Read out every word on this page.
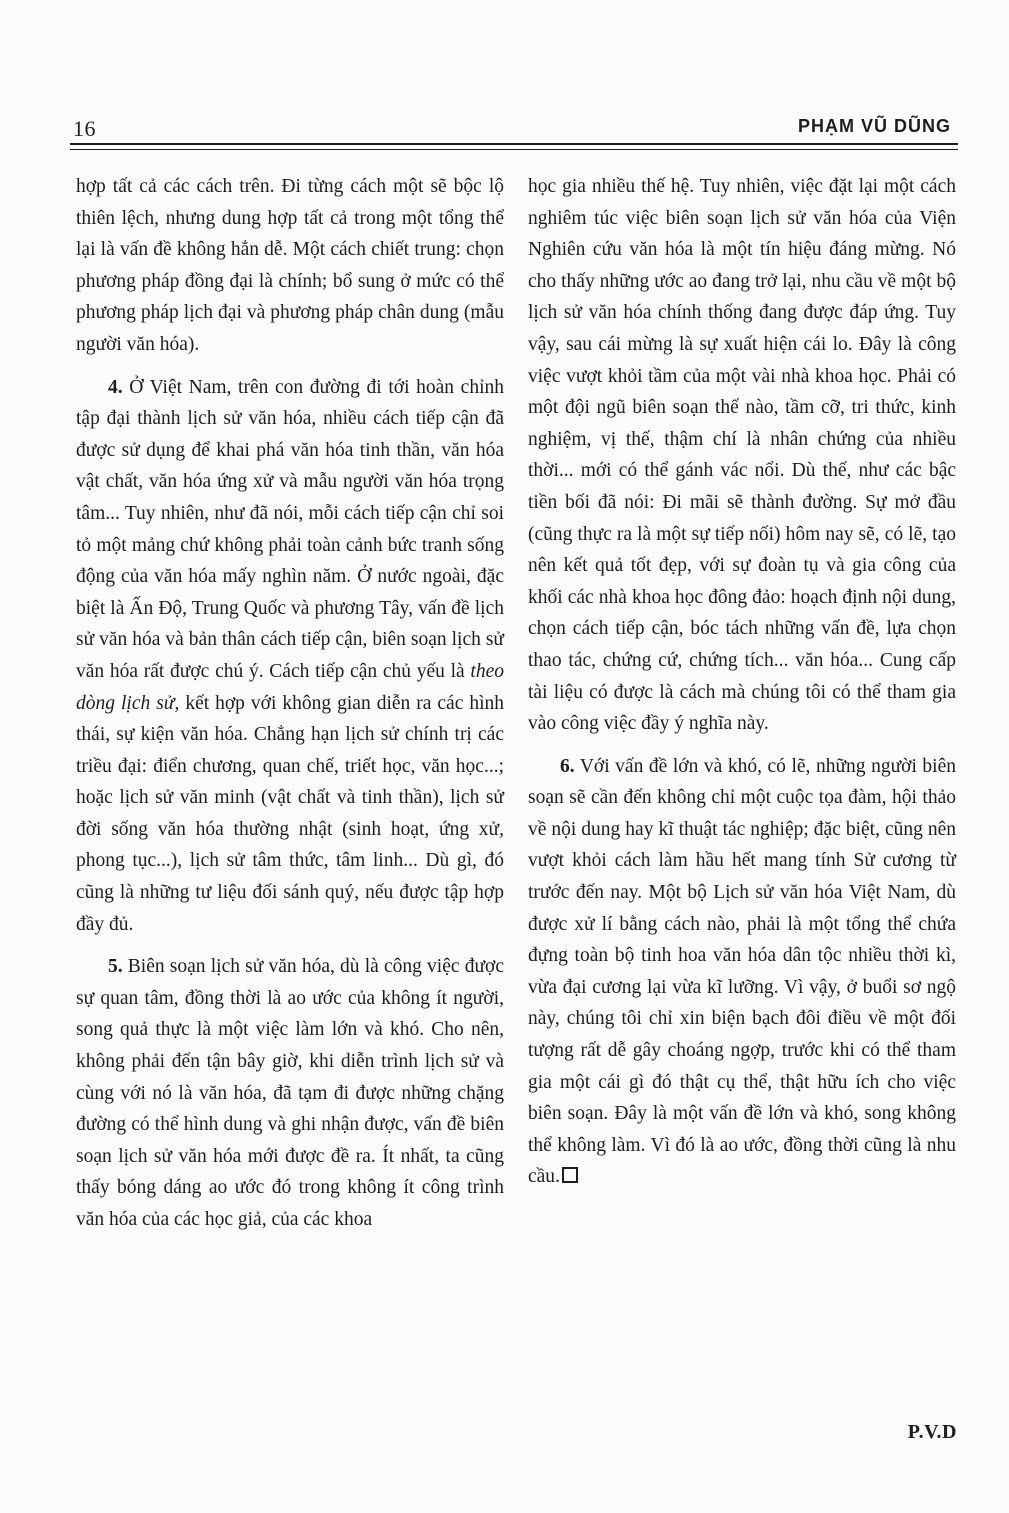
16	PHẠM VŨ DŨNG

hợp tất cả các cách trên. Đi từng cách một sẽ bộc lộ thiên lệch, nhưng dung hợp tất cả trong một tổng thể lại là vấn đề không hẳn dễ. Một cách chiết trung: chọn phương pháp đồng đại là chính; bổ sung ở mức có thể phương pháp lịch đại và phương pháp chân dung (mẫu người văn hóa).

4. Ở Việt Nam, trên con đường đi tới hoàn chỉnh tập đại thành lịch sử văn hóa, nhiều cách tiếp cận đã được sử dụng để khai phá văn hóa tinh thần, văn hóa vật chất, văn hóa ứng xử và mẫu người văn hóa trọng tâm... Tuy nhiên, như đã nói, mỗi cách tiếp cận chỉ soi tỏ một mảng chứ không phải toàn cảnh bức tranh sống động của văn hóa mấy nghìn năm. Ở nước ngoài, đặc biệt là Ấn Độ, Trung Quốc và phương Tây, vấn đề lịch sử văn hóa và bản thân cách tiếp cận, biên soạn lịch sử văn hóa rất được chú ý. Cách tiếp cận chủ yếu là theo dòng lịch sử, kết hợp với không gian diễn ra các hình thái, sự kiện văn hóa. Chẳng hạn lịch sử chính trị các triều đại: điển chương, quan chế, triết học, văn học...; hoặc lịch sử văn minh (vật chất và tinh thần), lịch sử đời sống văn hóa thường nhật (sinh hoạt, ứng xử, phong tục...), lịch sử tâm thức, tâm linh... Dù gì, đó cũng là những tư liệu đối sánh quý, nếu được tập hợp đầy đủ.

5. Biên soạn lịch sử văn hóa, dù là công việc được sự quan tâm, đồng thời là ao ước của không ít người, song quả thực là một việc làm lớn và khó. Cho nên, không phải đến tận bây giờ, khi diễn trình lịch sử và cùng với nó là văn hóa, đã tạm đi được những chặng đường có thể hình dung và ghi nhận được, vấn đề biên soạn lịch sử văn hóa mới được đề ra. Ít nhất, ta cũng thấy bóng dáng ao ước đó trong không ít công trình văn hóa của các học giả, của các khoa

học gia nhiều thế hệ. Tuy nhiên, việc đặt lại một cách nghiêm túc việc biên soạn lịch sử văn hóa của Viện Nghiên cứu văn hóa là một tín hiệu đáng mừng. Nó cho thấy những ước ao đang trở lại, nhu cầu về một bộ lịch sử văn hóa chính thống đang được đáp ứng. Tuy vậy, sau cái mừng là sự xuất hiện cái lo. Đây là công việc vượt khỏi tầm của một vài nhà khoa học. Phải có một đội ngũ biên soạn thế nào, tầm cỡ, tri thức, kinh nghiệm, vị thế, thậm chí là nhân chứng của nhiều thời... mới có thể gánh vác nổi. Dù thế, như các bậc tiền bối đã nói: Đi mãi sẽ thành đường. Sự mở đầu (cũng thực ra là một sự tiếp nối) hôm nay sẽ, có lẽ, tạo nên kết quả tốt đẹp, với sự đoàn tụ và gia công của khối các nhà khoa học đông đảo: hoạch định nội dung, chọn cách tiếp cận, bóc tách những vấn đề, lựa chọn thao tác, chứng cứ, chứng tích... văn hóa... Cung cấp tài liệu có được là cách mà chúng tôi có thể tham gia vào công việc đầy ý nghĩa này.

6. Với vấn đề lớn và khó, có lẽ, những người biên soạn sẽ cần đến không chỉ một cuộc tọa đàm, hội thảo về nội dung hay kĩ thuật tác nghiệp; đặc biệt, cũng nên vượt khỏi cách làm hầu hết mang tính Sử cương từ trước đến nay. Một bộ Lịch sử văn hóa Việt Nam, dù được xử lí bằng cách nào, phải là một tổng thể chứa đựng toàn bộ tinh hoa văn hóa dân tộc nhiều thời kì, vừa đại cương lại vừa kĩ lưỡng. Vì vậy, ở buổi sơ ngộ này, chúng tôi chỉ xin biện bạch đôi điều về một đối tượng rất dễ gây choáng ngợp, trước khi có thể tham gia một cái gì đó thật cụ thể, thật hữu ích cho việc biên soạn. Đây là một vấn đề lớn và khó, song không thể không làm. Vì đó là ao ước, đồng thời cũng là nhu cầu.

P.V.D
